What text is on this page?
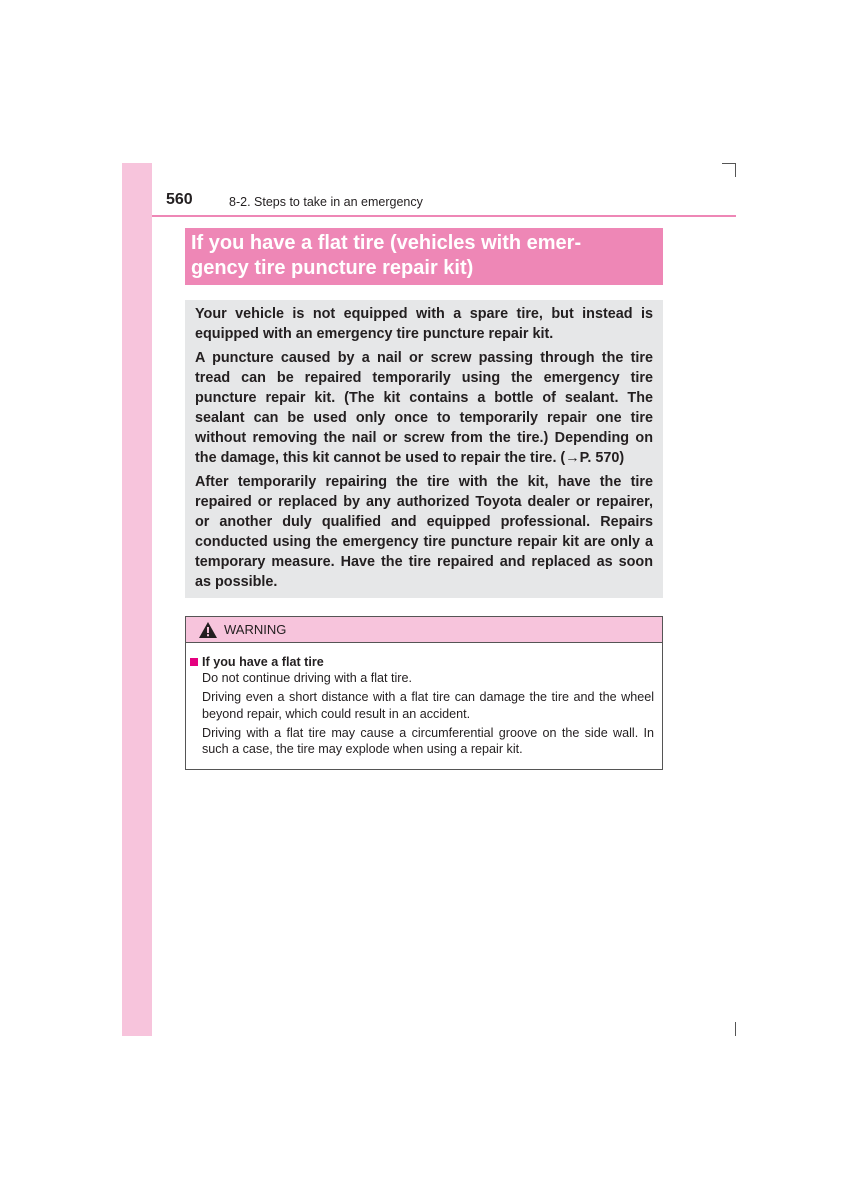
560	8-2. Steps to take in an emergency
If you have a flat tire (vehicles with emer-
gency tire puncture repair kit)

Your vehicle is not equipped with a spare tire, but instead is equipped with an emergency tire puncture repair kit.

A puncture caused by a nail or screw passing through the tire tread can be repaired temporarily using the emergency tire puncture repair kit. (The kit contains a bottle of sealant. The sealant can be used only once to temporarily repair one tire without removing the nail or screw from the tire.) Depending on the damage, this kit cannot be used to repair the tire. (→P. 570)

After temporarily repairing the tire with the kit, have the tire repaired or replaced by any authorized Toyota dealer or repairer, or another duly qualified and equipped professional. Repairs conducted using the emergency tire puncture repair kit are only a temporary measure. Have the tire repaired and replaced as soon as possible.

WARNING
If you have a flat tire
Do not continue driving with a flat tire.
Driving even a short distance with a flat tire can damage the tire and the wheel beyond repair, which could result in an accident.
Driving with a flat tire may cause a circumferential groove on the side wall. In such a case, the tire may explode when using a repair kit.
